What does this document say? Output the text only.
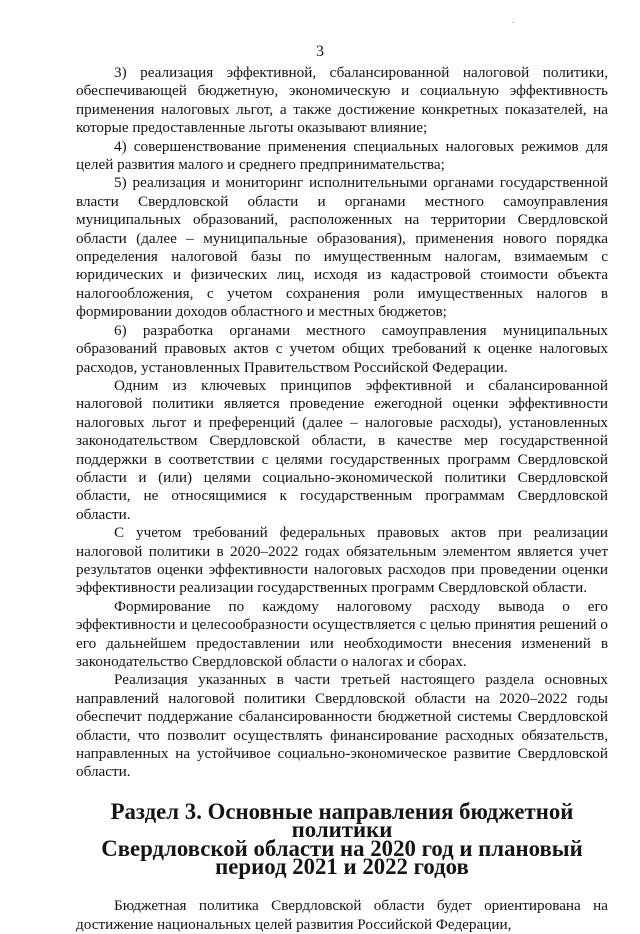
3

3) реализация эффективной, сбалансированной налоговой политики, обеспечивающей бюджетную, экономическую и социальную эффективность применения налоговых льгот, а также достижение конкретных показателей, на которые предоставленные льготы оказывают влияние;

4) совершенствование применения специальных налоговых режимов для целей развития малого и среднего предпринимательства;

5) реализация и мониторинг исполнительными органами государственной власти Свердловской области и органами местного самоуправления муниципальных образований, расположенных на территории Свердловской области (далее – муниципальные образования), применения нового порядка определения налоговой базы по имущественным налогам, взимаемым с юридических и физических лиц, исходя из кадастровой стоимости объекта налогообложения, с учетом сохранения роли имущественных налогов в формировании доходов областного и местных бюджетов;

6) разработка органами местного самоуправления муниципальных образований правовых актов с учетом общих требований к оценке налоговых расходов, установленных Правительством Российской Федерации.

Одним из ключевых принципов эффективной и сбалансированной налоговой политики является проведение ежегодной оценки эффективности налоговых льгот и преференций (далее – налоговые расходы), установленных законодательством Свердловской области, в качестве мер государственной поддержки в соответствии с целями государственных программ Свердловской области и (или) целями социально-экономической политики Свердловской области, не относящимися к государственным программам Свердловской области.

С учетом требований федеральных правовых актов при реализации налоговой политики в 2020–2022 годах обязательным элементом является учет результатов оценки эффективности налоговых расходов при проведении оценки эффективности реализации государственных программ Свердловской области.

Формирование по каждому налоговому расходу вывода о его эффективности и целесообразности осуществляется с целью принятия решений о его дальнейшем предоставлении или необходимости внесения изменений в законодательство Свердловской области о налогах и сборах.

Реализация указанных в части третьей настоящего раздела основных направлений налоговой политики Свердловской области на 2020–2022 годы обеспечит поддержание сбалансированности бюджетной системы Свердловской области, что позволит осуществлять финансирование расходных обязательств, направленных на устойчивое социально-экономическое развитие Свердловской области.

Раздел 3. Основные направления бюджетной политики
Свердловской области на 2020 год и плановый период 2021 и 2022 годов

Бюджетная политика Свердловской области будет ориентирована на достижение национальных целей развития Российской Федерации,
